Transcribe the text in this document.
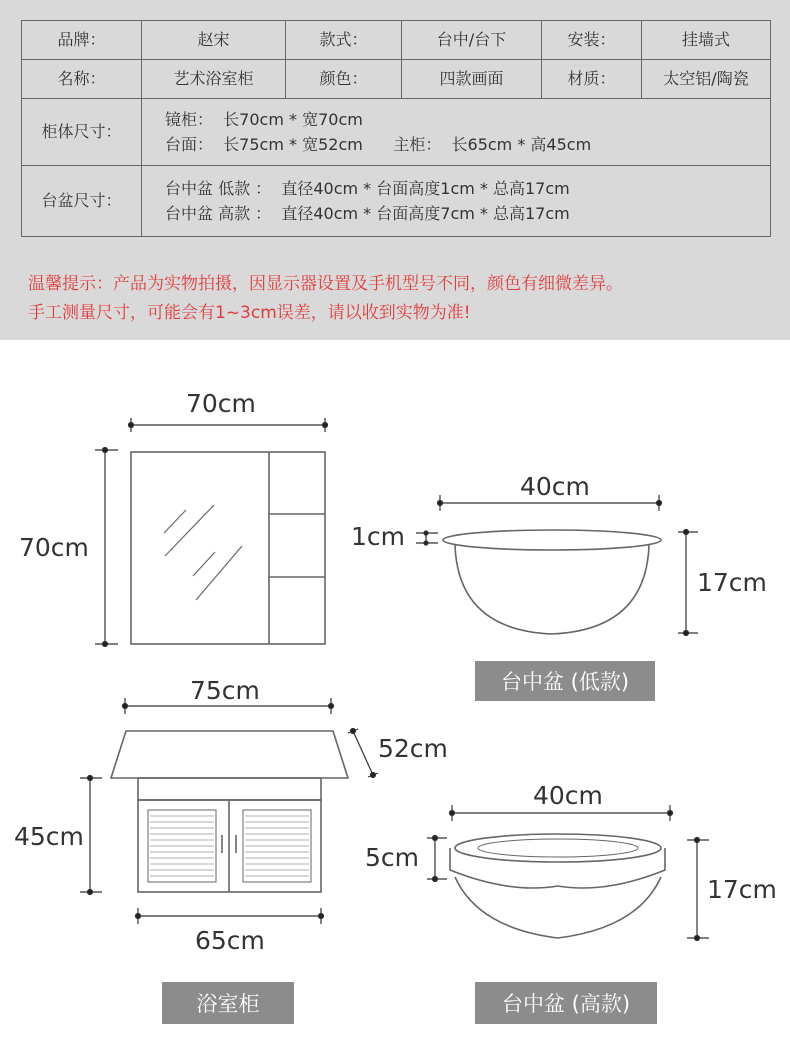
品牌：	赵宋	款式：	台中/台下	安装：	挂墙式
名称：	艺术浴室柜	颜色：	四款画面	材质：	太空铝/陶瓷
柜体尺寸：	镜柜：  长70cm * 宽70cm
台面：  长75cm * 宽52cm      主柜：  长65cm * 高45cm				

台盆尺寸：	台中盆 低款 ：  直径40cm * 台面高度1cm * 总高17cm
台中盆 高款 ：  直径40cm * 台面高度7cm * 总高17cm				
温馨提示：产品为实物拍摄，因显示器设置及手机型号不同，颜色有细微差异。
手工测量尺寸，可能会有1~3cm误差，请以收到实物为准!
70cm
70cm
40cm
1cm
17cm
75cm
52cm
45cm
65cm
40cm
5cm
17cm
台中盆 (低款)
浴室柜	台中盆 (高款)
